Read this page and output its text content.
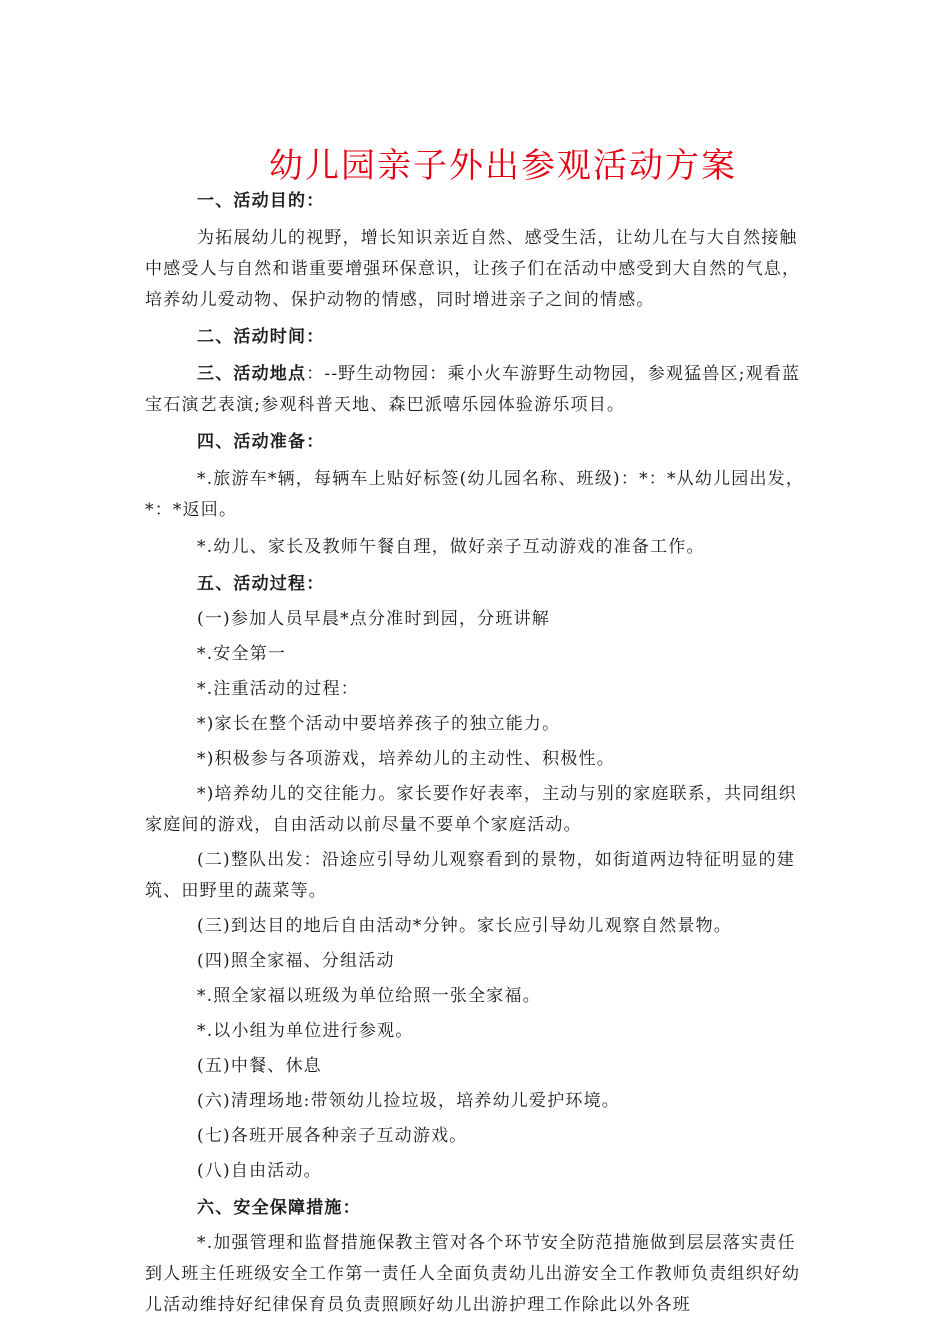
幼儿园亲子外出参观活动方案

一、活动目的：

为拓展幼儿的视野，增长知识亲近自然、感受生活，让幼儿在与大自然接触中感受人与自然和谐重要增强环保意识，让孩子们在活动中感受到大自然的气息，培养幼儿爱动物、保护动物的情感，同时增进亲子之间的情感。

二、活动时间：

三、活动地点：--野生动物园：乘小火车游野生动物园，参观猛兽区;观看蓝宝石演艺表演;参观科普天地、森巴派嘻乐园体验游乐项目。

四、活动准备：

*.旅游车*辆，每辆车上贴好标签(幼儿园名称、班级)：*：*从幼儿园出发，*：*返回。

*.幼儿、家长及教师午餐自理，做好亲子互动游戏的准备工作。

五、活动过程：

(一)参加人员早晨*点分准时到园，分班讲解

*.安全第一

*.注重活动的过程：

*)家长在整个活动中要培养孩子的独立能力。

*)积极参与各项游戏，培养幼儿的主动性、积极性。

*)培养幼儿的交往能力。家长要作好表率，主动与别的家庭联系，共同组织家庭间的游戏，自由活动以前尽量不要单个家庭活动。

(二)整队出发：沿途应引导幼儿观察看到的景物，如街道两边特征明显的建筑、田野里的蔬菜等。

(三)到达目的地后自由活动*分钟。家长应引导幼儿观察自然景物。

(四)照全家福、分组活动

*.照全家福以班级为单位给照一张全家福。

*.以小组为单位进行参观。

(五)中餐、休息

(六)清理场地:带领幼儿捡垃圾，培养幼儿爱护环境。

(七)各班开展各种亲子互动游戏。

(八)自由活动。

六、安全保障措施：

*.加强管理和监督措施保教主管对各个环节安全防范措施做到层层落实责任到人班主任班级安全工作第一责任人全面负责幼儿出游安全工作教师负责组织好幼儿活动维持好纪律保育员负责照顾好幼儿出游护理工作除此以外各班
